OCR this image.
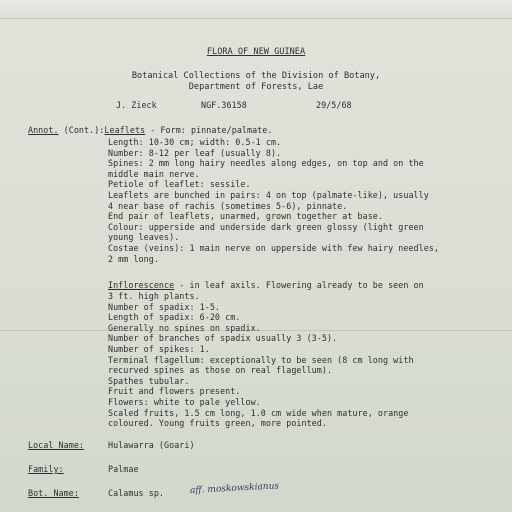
FLORA OF NEW GUINEA
Botanical Collections of the Division of Botany,
Department of Forests, Lae
J. Zieck	NGF.36158	29/5/68
Annot. (Cont.):Leaflets - Form: pinnate/palmate.
Length: 10-30 cm; width: 0.5-1 cm.
Number: 8-12 per leaf (usually 8).
Spines: 2 mm long hairy needles along edges, on top and on the
middle main nerve.
Petiole of leaflet: sessile.
Leaflets are bunched in pairs: 4 on top (palmate-like), usually
4 near base of rachis (sometimes 5-6), pinnate.
End pair of leaflets, unarmed, grown together at base.
Colour: upperside and underside dark green glossy (light green
young leaves).
Costae (veins): 1 main nerve on upperside with few hairy needles,
2 mm long.
Inflorescence - in leaf axils. Flowering already to be seen on
3 ft. high plants.
Number of spadix: 1-5.
Length of spadix: 6-20 cm.
Generally no spines on spadix.
Number of branches of spadix usually 3 (3-5).
Number of spikes: 1.
Terminal flagellum: exceptionally to be seen (8 cm long with
recurved spines as those on real flagellum).
Spathes tubular.
Fruit and flowers present.
Flowers: white to pale yellow.
Scaled fruits, 1.5 cm long, 1.0 cm wide when mature, orange
coloured. Young fruits green, more pointed.
Local Name:	Hulawarra (Goari)
Family:	Palmae
Bot. Name:	Calamus sp.	aff. moskowskianus
